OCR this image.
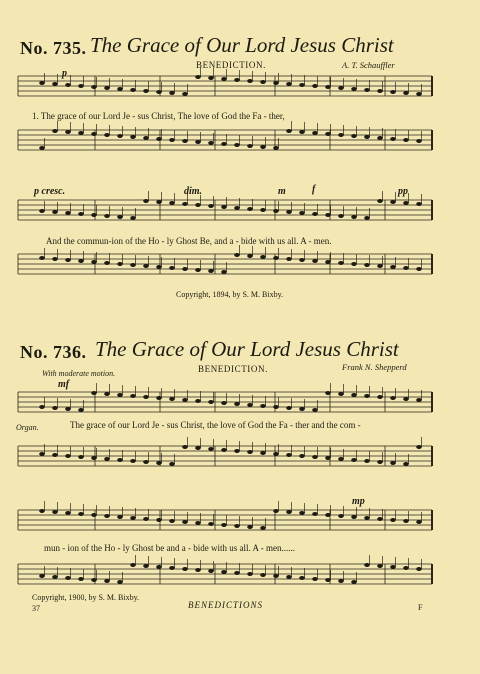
No. 735. The Grace of Our Lord Jesus Christ
BENEDICTION.	A. T. Schauffler
p
1. The grace of our Lord Je - sus Christ, The love of God the Fa - ther,
p cresc.	dim.	m	f	pp
And the commun-ion of the Ho - ly Ghost Be, and a - bide with us all. A - men.
Copyright, 1894, by S. M. Bixby.
No. 736. The Grace of Our Lord Jesus Christ
BENEDICTION.	Frank N. Shepperd
With moderate motion.
mf
Organ.	The grace of our Lord Je - sus Christ, the love of God the Fa - ther and the com -
mp
mun - ion of the Ho - ly Ghost be and a - bide with us all. A - men......
Copyright, 1900, by S. M. Bixby.
37	BENEDICTIONS	F
